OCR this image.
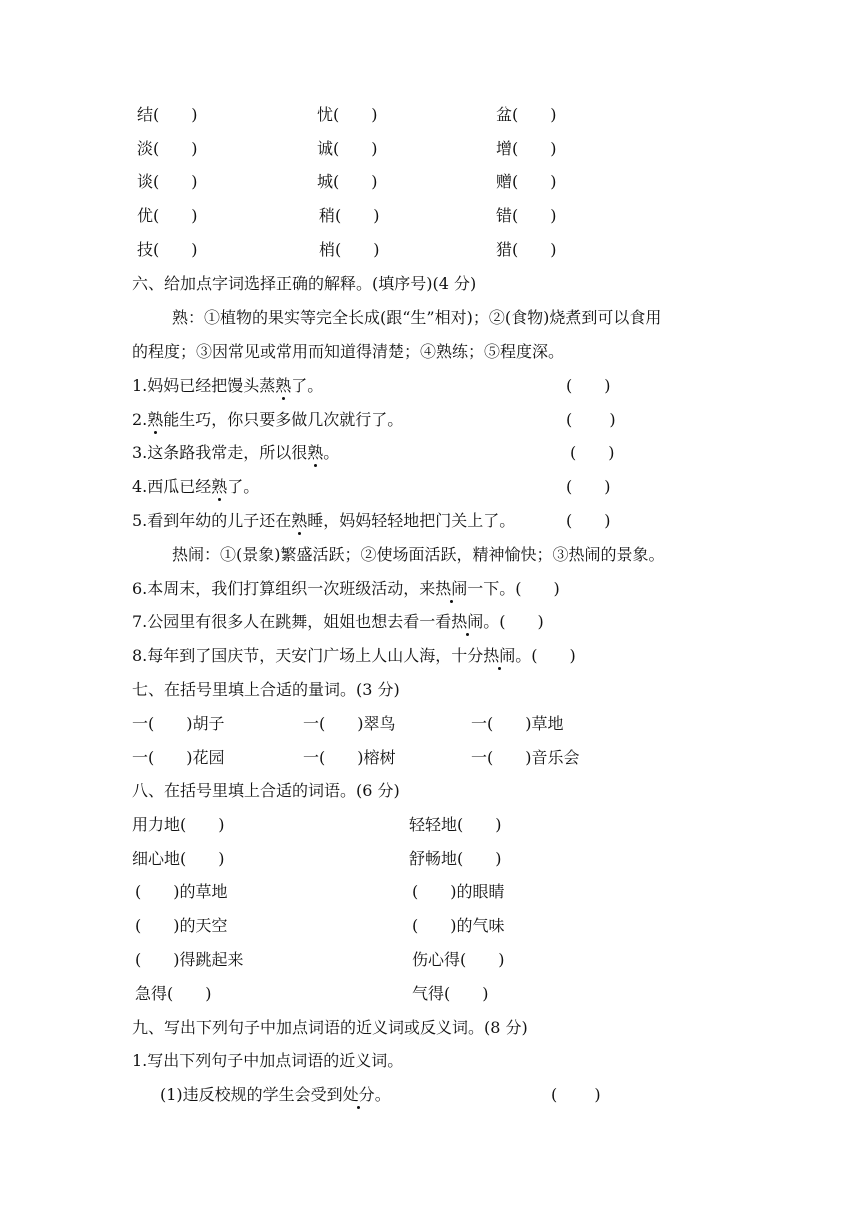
结(　　)	忧(　　)	盆(　　)
淡(　　)	诚(　　)	增(　　)
谈(　　)	城(　　)	赠(　　)
优(　　)	稍(　　)	错(　　)
技(　　)	梢(　　)	猎(　　)
六、给加点字词选择正确的解释。(填序号)(4 分)
熟：①植物的果实等完全长成(跟“生”相对)；②(食物)烧煮到可以食用
的程度；③因常见或常用而知道得清楚；④熟练；⑤程度深。
1.妈妈已经把馒头蒸熟了。	(　　)
2.熟能生巧，你只要多做几次就行了。	(　　 )
3.这条路我常走，所以很熟。	(　　)
4.西瓜已经熟了。	(　　)
5.看到年幼的儿子还在熟睡，妈妈轻轻地把门关上了。	(　　)
热闹：①(景象)繁盛活跃；②使场面活跃，精神愉快；③热闹的景象。
6.本周末，我们打算组织一次班级活动，来热闹一下。(　　)
7.公园里有很多人在跳舞，姐姐也想去看一看热闹。(　　)
8.每年到了国庆节，天安门广场上人山人海，十分热闹。(　　)
七、在括号里填上合适的量词。(3 分)
一(　　)胡子	一(　　)翠鸟	一(　　)草地
一(　　)花园	一(　　)榕树	一(　　)音乐会
八、在括号里填上合适的词语。(6 分)
用力地(　　)	轻轻地(　　)
细心地(　　)	舒畅地(　　)
(　　)的草地	(　　)的眼睛
(　　)的天空	(　　)的气味
(　　)得跳起来	伤心得(　　)
急得(　　)	气得(　　)
九、写出下列句子中加点词语的近义词或反义词。(8 分)
1.写出下列句子中加点词语的近义词。
(1)违反校规的学生会受到处分。	(　　 )
